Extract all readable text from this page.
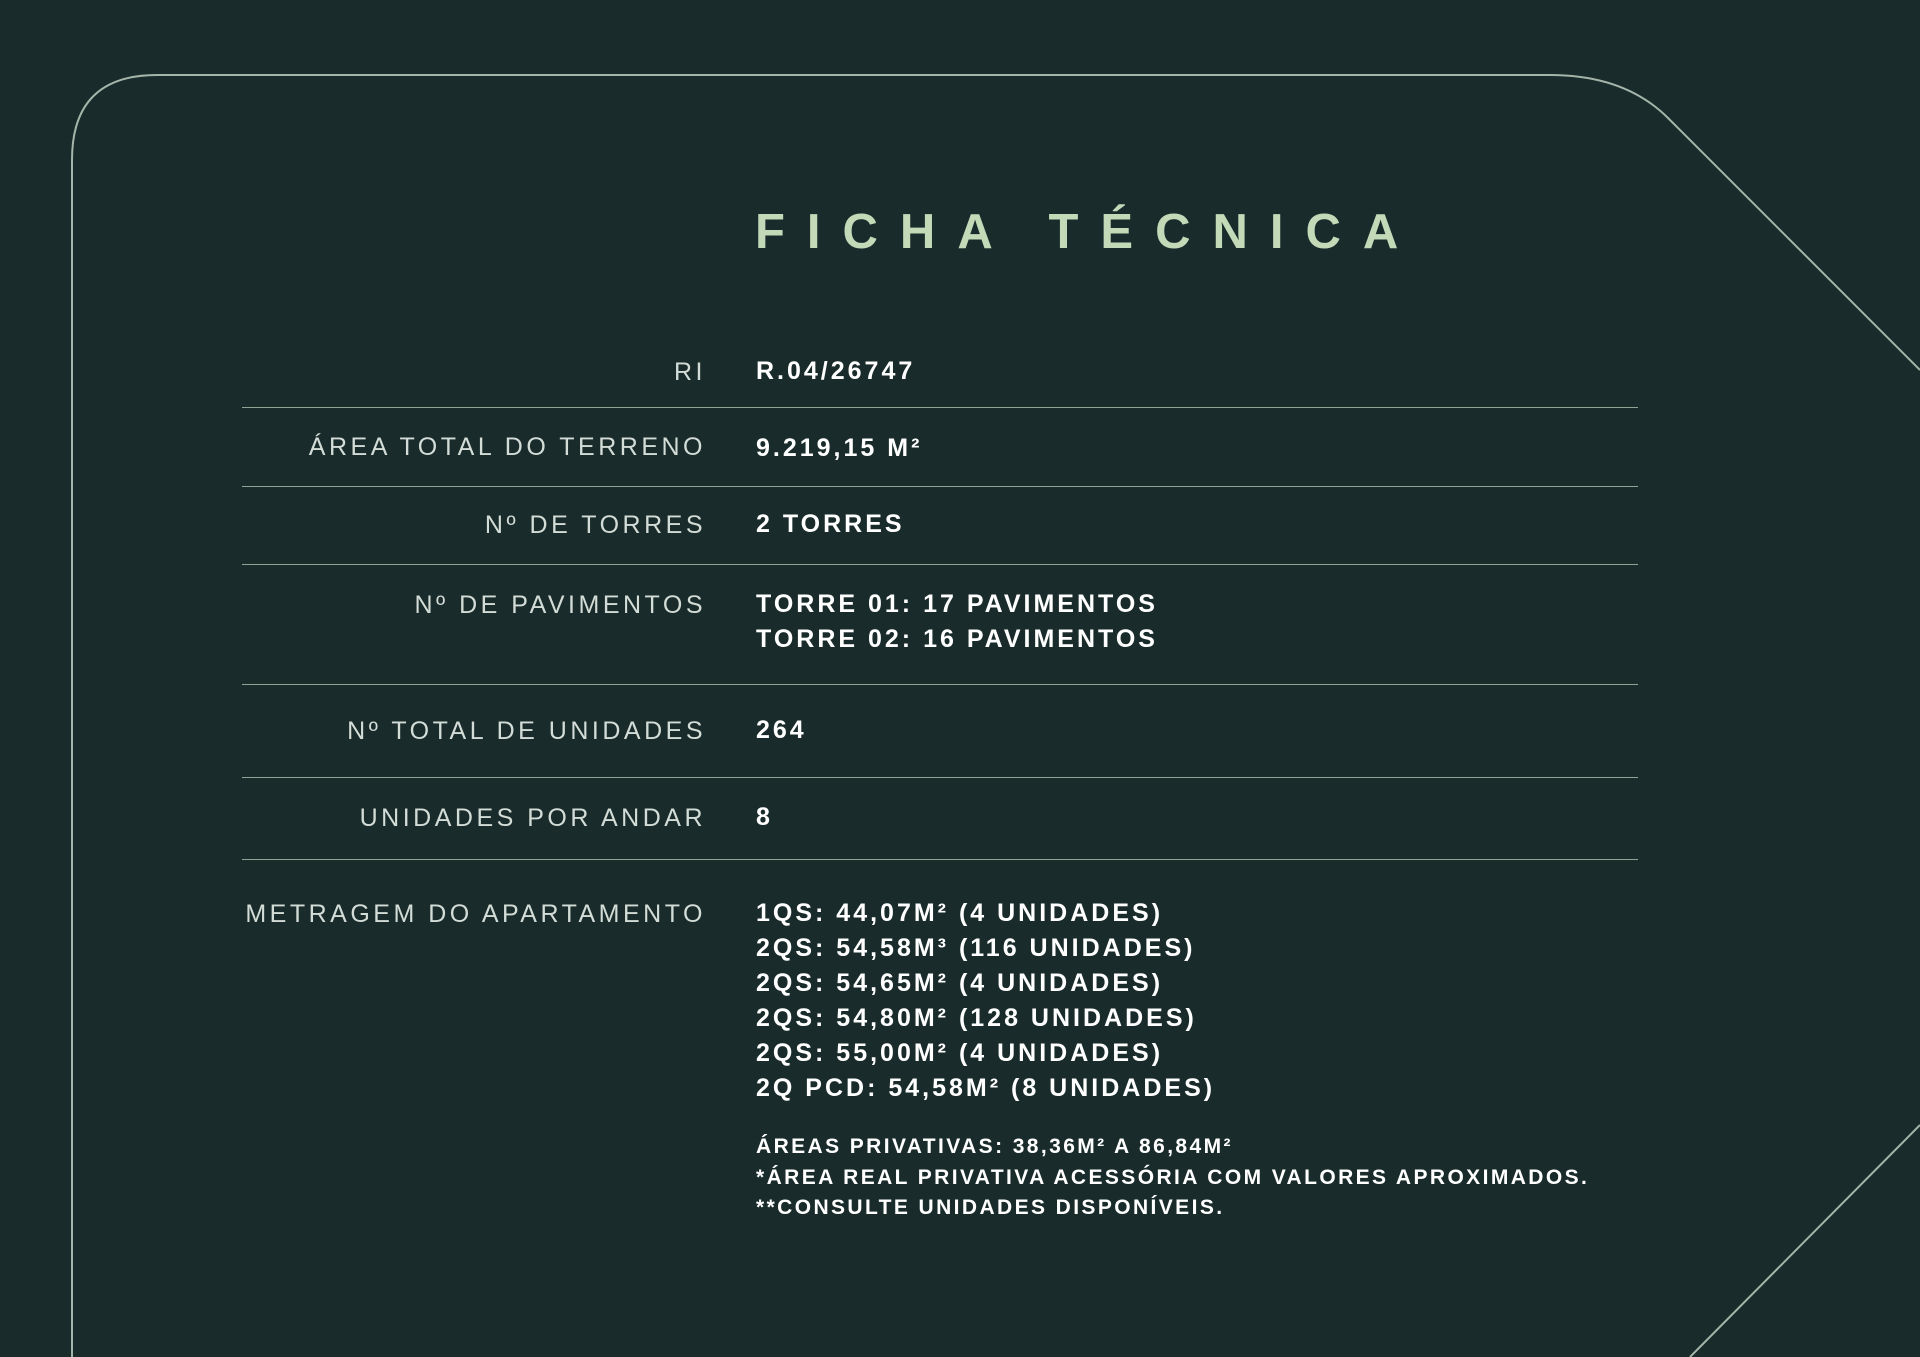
FICHA TÉCNICA
RI R.04/26747
ÁREA TOTAL DO TERRENO 9.219,15 M²
Nº DE TORRES 2 TORRES
Nº DE PAVIMENTOS TORRE 01: 17 PAVIMENTOS
TORRE 02: 16 PAVIMENTOS
Nº TOTAL DE UNIDADES 264
UNIDADES POR ANDAR 8
METRAGEM DO APARTAMENTO 1QS: 44,07M² (4 UNIDADES)
2QS: 54,58M³ (116 UNIDADES)
2QS: 54,65M² (4 UNIDADES)
2QS: 54,80M² (128 UNIDADES)
2QS: 55,00M² (4 UNIDADES)
2Q PCD: 54,58M² (8 UNIDADES)
ÁREAS PRIVATIVAS: 38,36M² A 86,84M²
*ÁREA REAL PRIVATIVA ACESSÓRIA COM VALORES APROXIMADOS.
**CONSULTE UNIDADES DISPONÍVEIS.
